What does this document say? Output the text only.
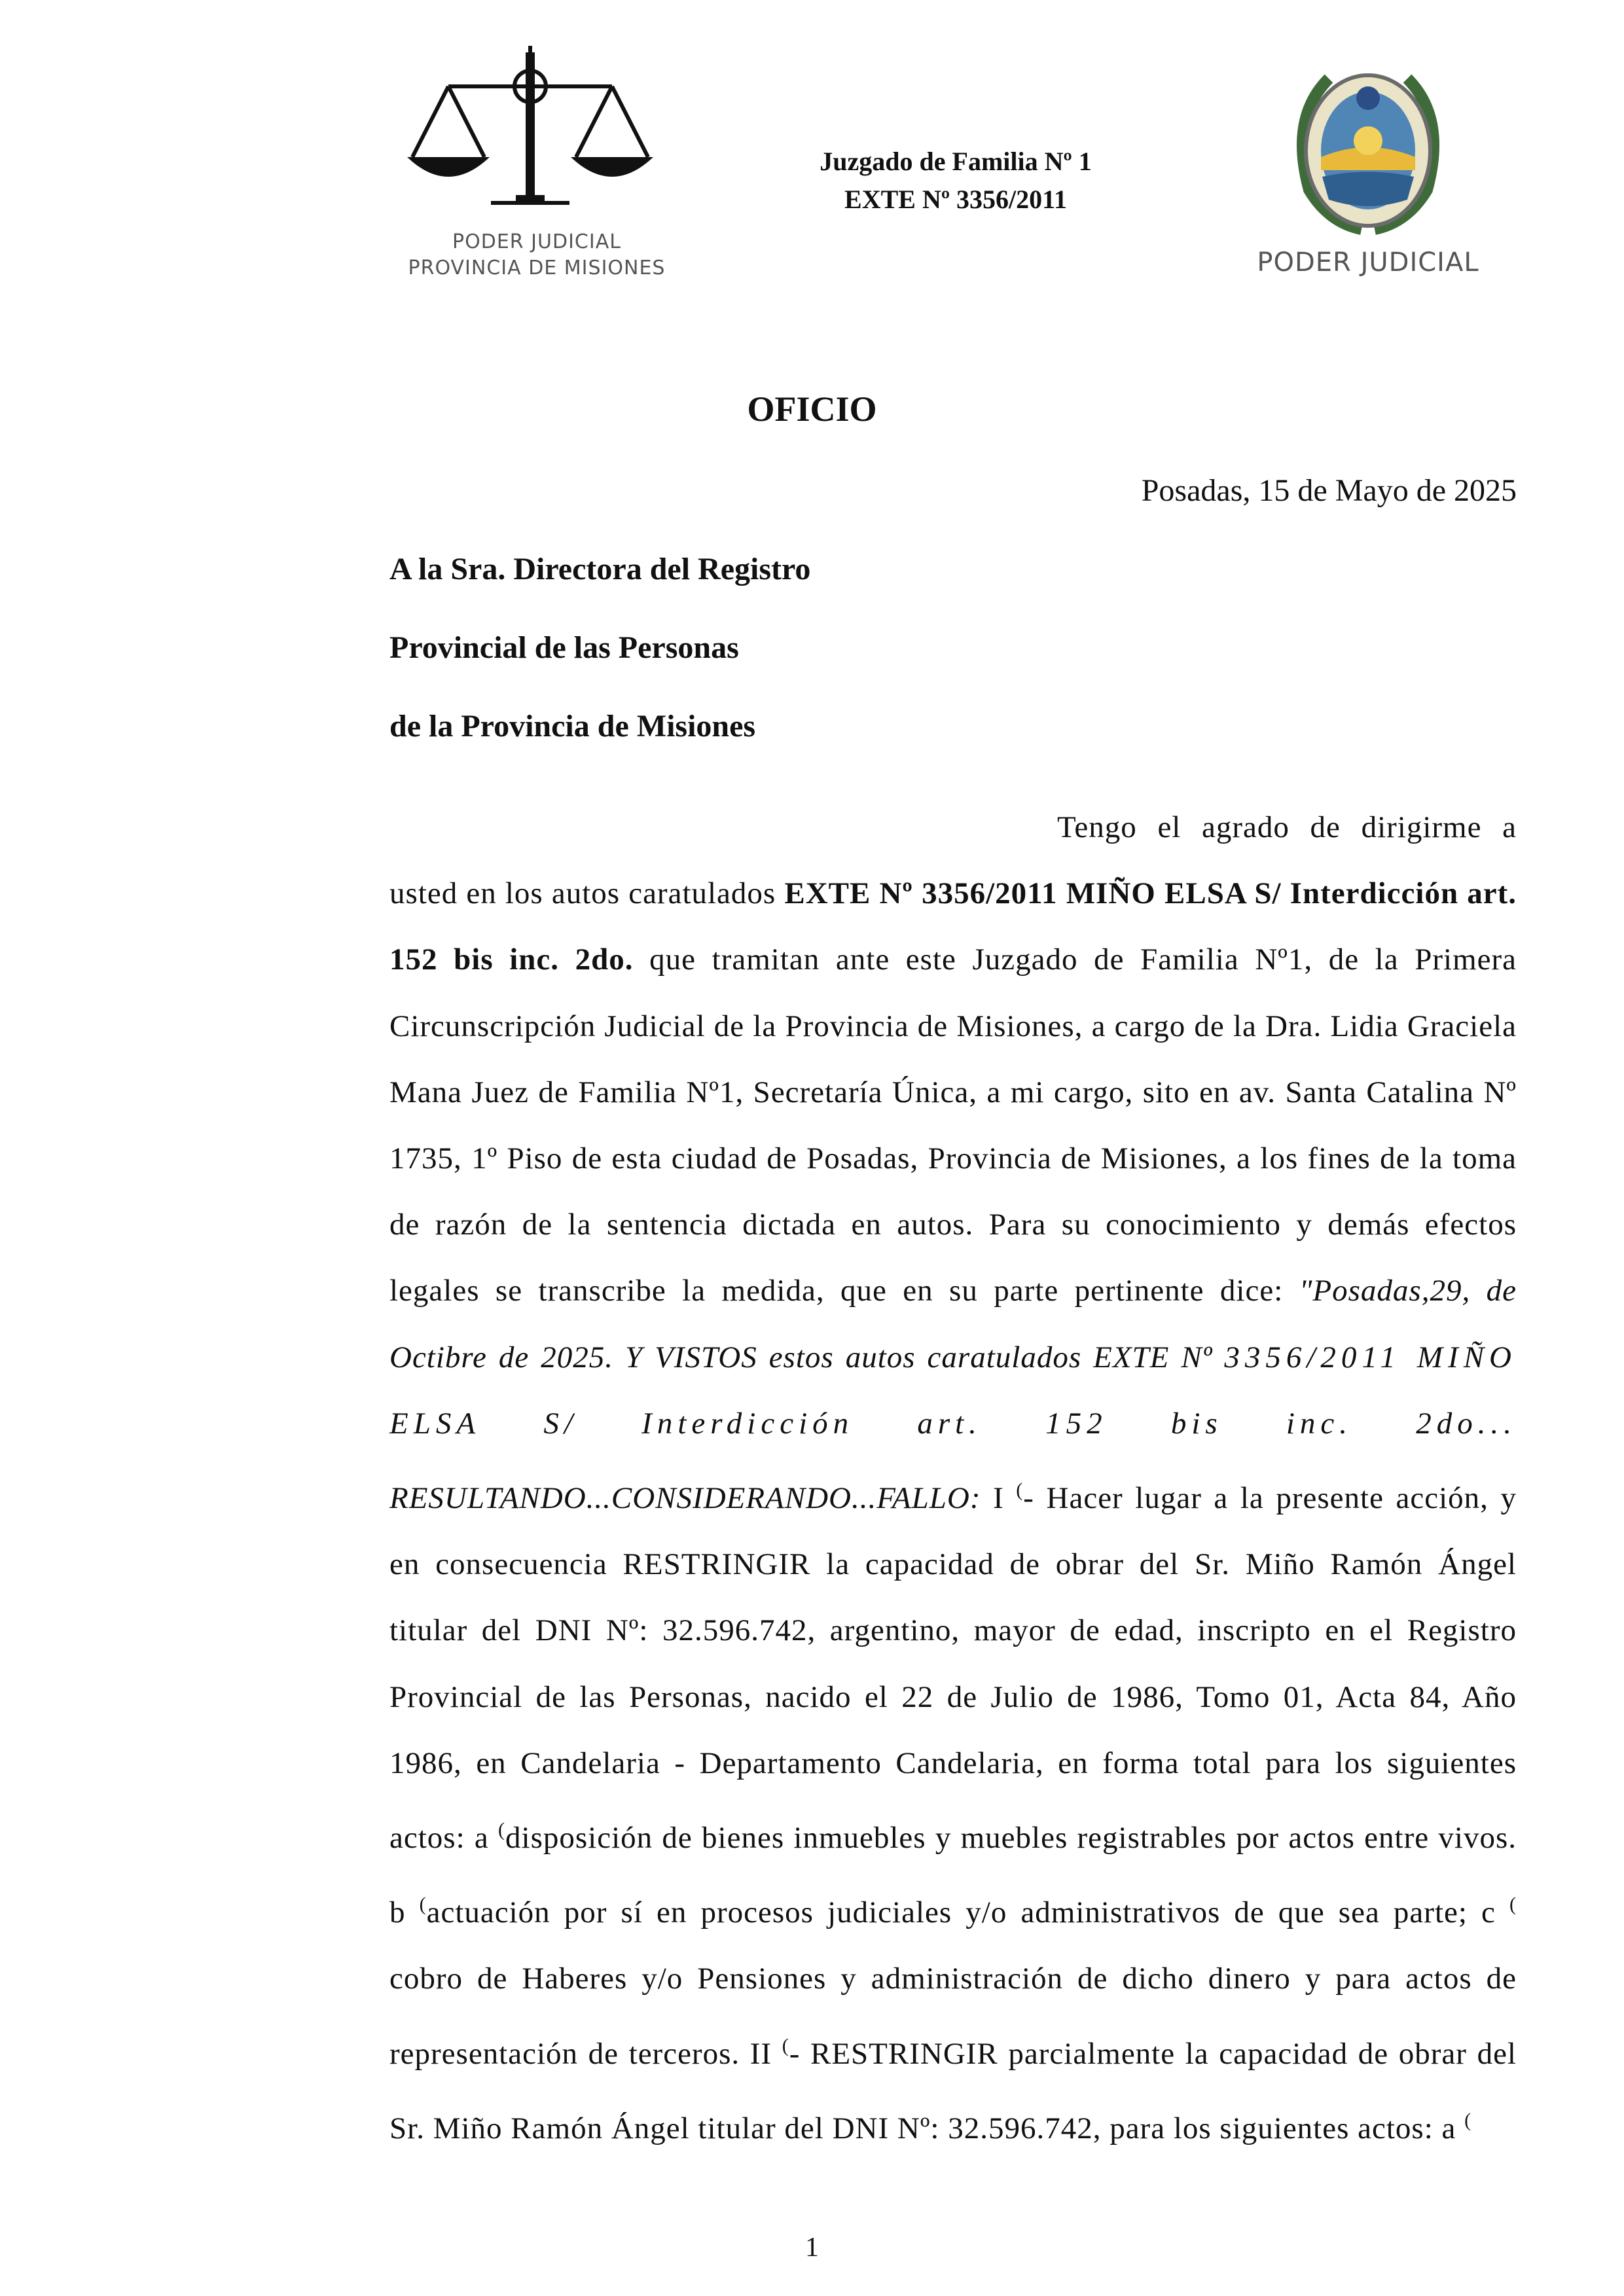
PODER JUDICIAL
PROVINCIA DE MISIONES
Juzgado de Familia Nº 1
EXTE Nº 3356/2011
PODER JUDICIAL
OFICIO
Posadas, 15 de Mayo de 2025
A la Sra. Directora del Registro
Provincial de las Personas
de la Provincia de Misiones

Tengo el agrado de dirigirme a usted en los autos caratulados EXTE Nº 3356/2011 MIÑO ELSA S/ Interdicción art. 152 bis inc. 2do. que tramitan ante este Juzgado de Familia Nº1, de la Primera Circunscripción Judicial de la Provincia de Misiones, a cargo de la Dra. Lidia Graciela Mana Juez de Familia Nº1, Secretaría Única, a mi cargo, sito en av. Santa Catalina Nº 1735, 1º Piso de esta ciudad de Posadas, Provincia de Misiones, a los fines de la toma de razón de la sentencia dictada en autos. Para su conocimiento y demás efectos legales se transcribe la medida, que en su parte pertinente dice: "Posadas,29, de Octibre de 2025. Y VISTOS estos autos caratulados EXTE Nº 3356/2011 MIÑO ELSA S/ Interdicción art. 152 bis inc. 2do... RESULTANDO...CONSIDERANDO...FALLO: I (- Hacer lugar a la presente acción, y en consecuencia RESTRINGIR la capacidad de obrar del Sr. Miño Ramón Ángel titular del DNI Nº: 32.596.742, argentino, mayor de edad, inscripto en el Registro Provincial de las Personas, nacido el 22 de Julio de 1986, Tomo 01, Acta 84, Año 1986, en Candelaria - Departamento Candelaria, en forma total para los siguientes actos: a (disposición de bienes inmuebles y muebles registrables por actos entre vivos. b (actuación por sí en procesos judiciales y/o administrativos de que sea parte; c ( cobro de Haberes y/o Pensiones y administración de dicho dinero y para actos de representación de terceros. II (- RESTRINGIR parcialmente la capacidad de obrar del Sr. Miño Ramón Ángel titular del DNI Nº: 32.596.742, para los siguientes actos: a (

1
